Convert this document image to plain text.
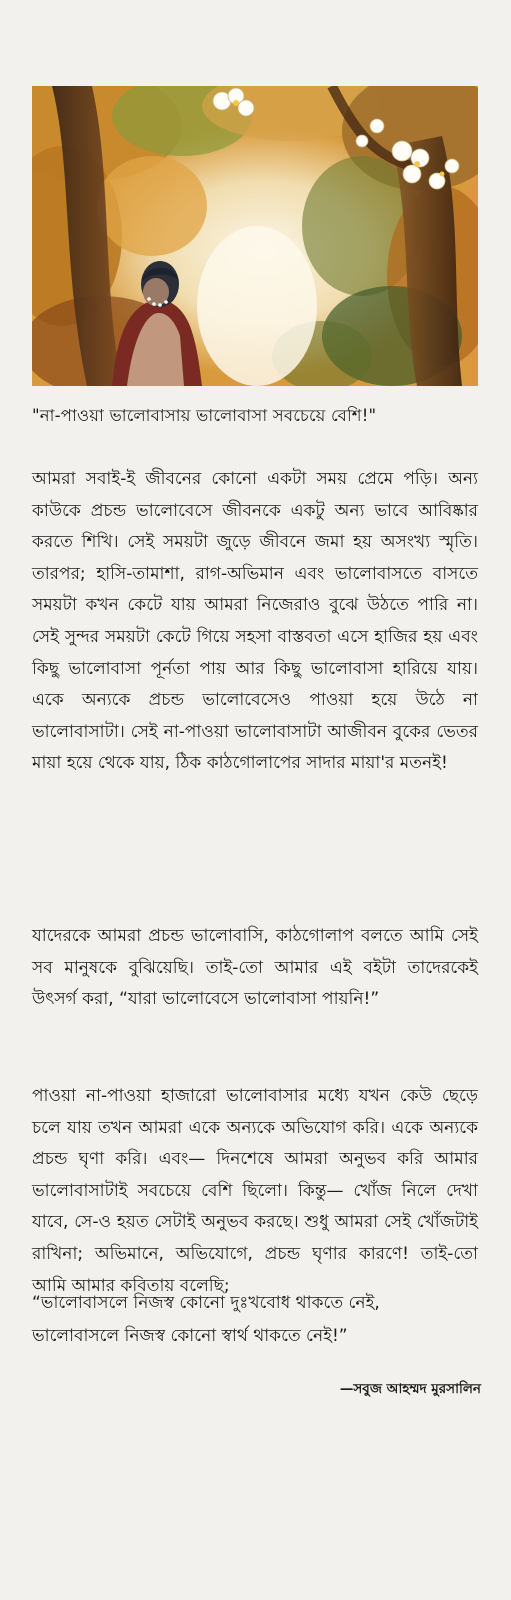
"না-পাওয়া ভালোবাসায় ভালোবাসা সবচেয়ে বেশি!"

আমরা সবাই-ই জীবনের কোনো একটা সময় প্রেমে পড়ি। অন্য কাউকে প্রচন্ড ভালোবেসে জীবনকে একটু অন্য ভাবে আবিষ্কার করতে শিখি। সেই সময়টা জুড়ে জীবনে জমা হয় অসংখ্য স্মৃতি। তারপর; হাসি-তামাশা, রাগ-অভিমান এবং ভালোবাসতে বাসতে সময়টা কখন কেটে যায় আমরা নিজেরাও বুঝে উঠতে পারি না। সেই সুন্দর সময়টা কেটে গিয়ে সহসা বাস্তবতা এসে হাজির হয় এবং কিছু ভালোবাসা পূর্নতা পায় আর কিছু ভালোবাসা হারিয়ে যায়। একে অন্যকে প্রচন্ড ভালোবেসেও পাওয়া হয়ে উঠে না ভালোবাসাটা। সেই না-পাওয়া ভালোবাসাটা আজীবন বুকের ভেতর মায়া হয়ে থেকে যায়, ঠিক কাঠগোলাপের সাদার মায়া'র মতনই!

যাদেরকে আমরা প্রচন্ড ভালোবাসি, কাঠগোলাপ বলতে আমি সেই সব মানুষকে বুঝিয়েছি। তাই-তো আমার এই বইটা তাদেরকেই উৎসর্গ করা, “যারা ভালোবেসে ভালোবাসা পায়নি!”

পাওয়া না-পাওয়া হাজারো ভালোবাসার মধ্যে যখন কেউ ছেড়ে চলে যায় তখন আমরা একে অন্যকে অভিযোগ করি। একে অন্যকে প্রচন্ড ঘৃণা করি। এবং— দিনশেষে আমরা অনুভব করি আমার ভালোবাসাটাই সবচেয়ে বেশি ছিলো। কিন্তু— খোঁজ নিলে দেখা যাবে, সে-ও হয়ত সেটাই অনুভব করছে। শুধু আমরা সেই খোঁজটাই রাখিনা; অভিমানে, অভিযোগে, প্রচন্ড ঘৃণার কারণে! তাই-তো আমি আমার কবিতায় বলেছি;

“ভালোবাসলে নিজস্ব কোনো দুঃখবোধ থাকতে নেই,
ভালোবাসলে নিজস্ব কোনো স্বার্থ থাকতে নেই!”
—সবুজ আহম্মদ মুরসালিন
